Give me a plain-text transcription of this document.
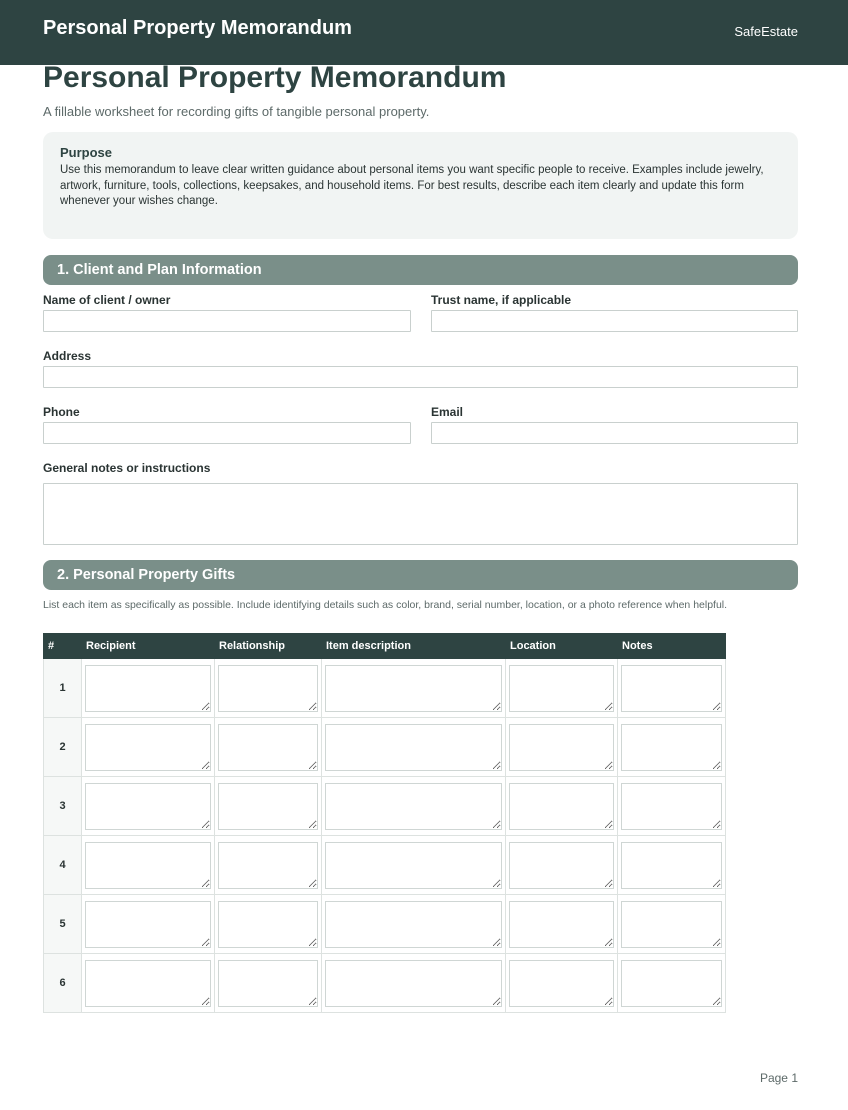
Personal Property Memorandum	SafeEstate
Personal Property Memorandum
A fillable worksheet for recording gifts of tangible personal property.
Purpose
Use this memorandum to leave clear written guidance about personal items you want specific people to receive. Examples include jewelry, artwork, furniture, tools, collections, keepsakes, and household items. For best results, describe each item clearly and update this form whenever your wishes change.
1. Client and Plan Information
Name of client / owner	Trust name, if applicable
Address
Phone	Email
General notes or instructions
2. Personal Property Gifts
List each item as specifically as possible. Include identifying details such as color, brand, serial number, location, or a photo reference when helpful.
#	Recipient	Relationship	Item description	Location	Notes
1	

2	

3	

4	

5	

6	

Page 1
